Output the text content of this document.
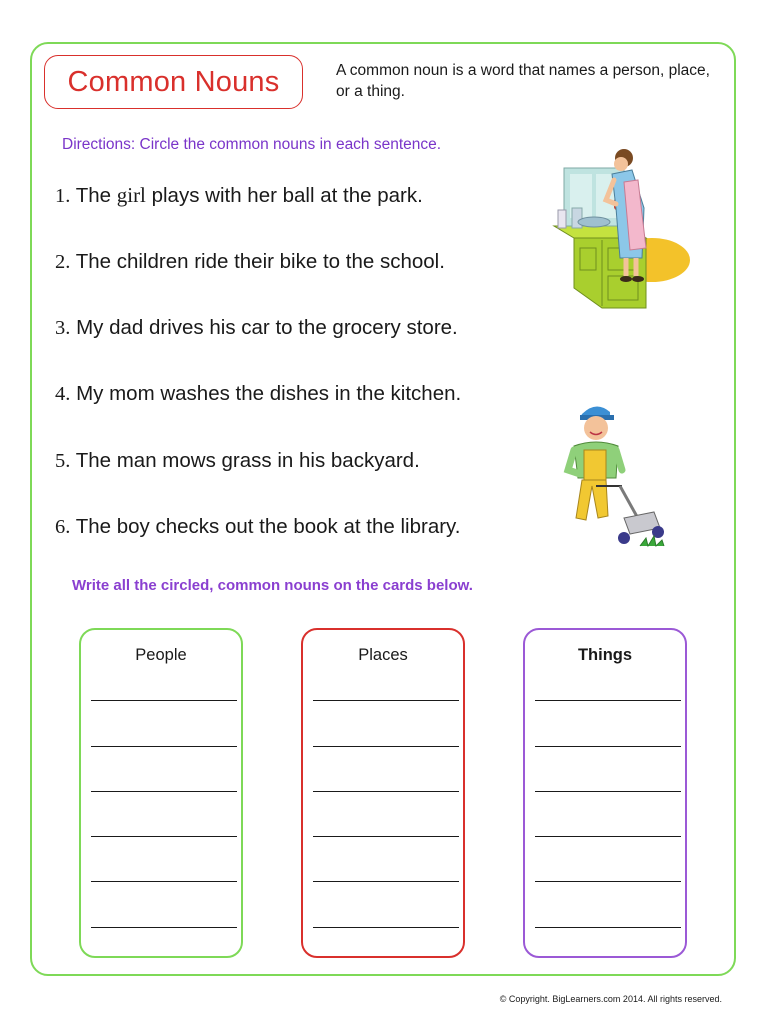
Common Nouns	A common noun is a word that names a person, place, or a thing.
Directions: Circle the common nouns in each sentence.
1. The girl plays with her ball at the park.
2. The children ride their bike to the school.
3. My dad drives his car to the grocery store.
4. My mom washes the dishes in the kitchen.
5. The man mows grass in his backyard.
6. The boy checks out the book at the library.
Write all the circled, common nouns on the cards below.
People	Places	Things
© Copyright. BigLearners.com 2014. All rights reserved.
